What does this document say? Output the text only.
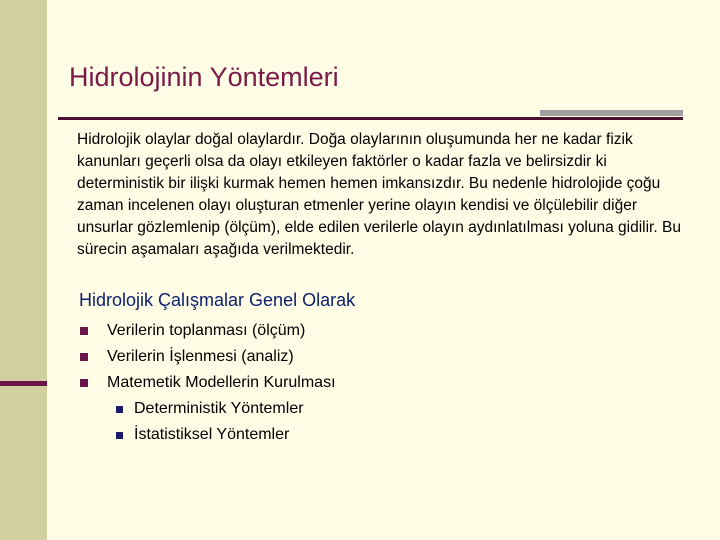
Hidrolojinin Yöntemleri
Hidrolojik olaylar doğal olaylardır. Doğa olaylarının oluşumunda her ne kadar fizik kanunları geçerli olsa da olayı etkileyen faktörler o kadar fazla ve belirsizdir ki deterministik bir ilişki kurmak hemen hemen imkansızdır. Bu nedenle hidrolojide çoğu zaman incelenen olayı oluşturan etmenler yerine olayın kendisi ve ölçülebilir diğer unsurlar gözlemlenip (ölçüm), elde edilen verilerle olayın aydınlatılması yoluna gidilir. Bu sürecin aşamaları aşağıda verilmektedir.
Hidrolojik Çalışmalar Genel Olarak
Verilerin toplanması (ölçüm)
Verilerin İşlenmesi (analiz)
Matemetik Modellerin Kurulması
Deterministik Yöntemler
İstatistiksel Yöntemler
